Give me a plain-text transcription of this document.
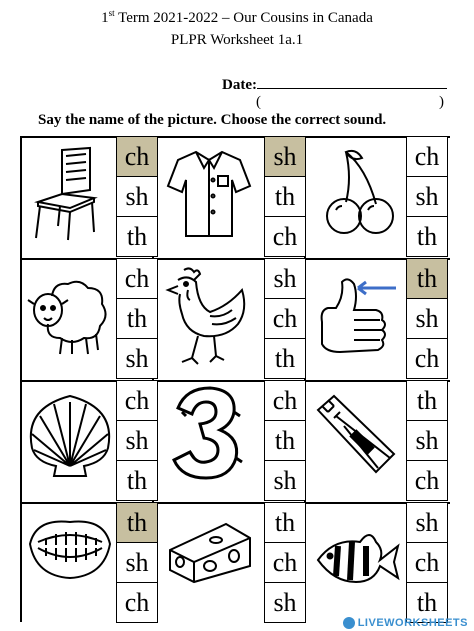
1st Term 2021-2022 – Our Cousins in Canada
PLPR Worksheet 1a.1
Date:
(	)
Say the name of the picture. Choose the correct sound.
ch
sh
th
sh
th
ch
ch
sh
th
ch
th
sh
sh
ch
th
th
sh
ch
ch
sh
th
ch
th
sh
th
sh
ch
th
sh
ch
th
ch
sh
sh
ch
th
LIVEWORKSHEETS
